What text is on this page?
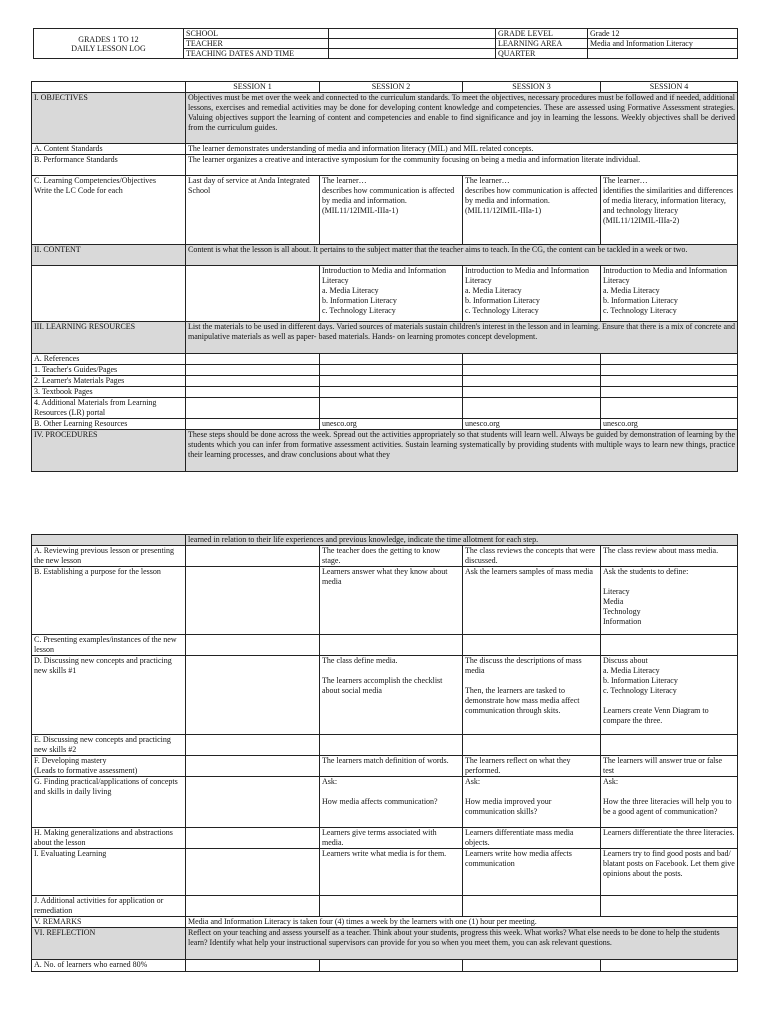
GRADES 1 TO 12
DAILY LESSON LOG	SCHOOL		GRADE LEVEL	Grade 12
	TEACHER		LEARNING AREA	Media and Information Literacy
	TEACHING DATES AND TIME		QUARTER	
	SESSION 1	SESSION 2	SESSION 3	SESSION 4
I. OBJECTIVES	Objectives must be met over the week and connected to the curriculum standards. To meet the objectives, necessary procedures must be followed and if needed, additional lessons, exercises and remedial activities may be done for developing content knowledge and competencies. These are assessed using Formative Assessment strategies. Valuing objectives support the learning of content and competencies and enable to find significance and joy in learning the lessons. Weekly objectives shall be derived from the curriculum guides.			
A. Content Standards	The learner demonstrates understanding of media and information literacy (MIL) and MIL related concepts.			
B. Performance Standards	The learner organizes a creative and interactive symposium for the community focusing on being a media and information literate individual.			
C. Learning Competencies/Objectives
Write the LC Code for each	Last day of service at Anda Integrated School	The learner…
describes how communication is affected by media and information.
(MIL11/12IMIL-IIIa-1)	The learner…
describes how communication is affected by media and information.
(MIL11/12IMIL-IIIa-1)	The learner…
identifies the similarities and differences of media literacy, information literacy, and technology literacy
(MIL11/12IMIL-IIIa-2)
II. CONTENT	Content is what the lesson is all about. It pertains to the subject matter that the teacher aims to teach. In the CG, the content can be tackled in a week or two.			
		Introduction to Media and Information Literacy
a. Media Literacy
b. Information Literacy
c. Technology Literacy	Introduction to Media and Information Literacy
a. Media Literacy
b. Information Literacy
c. Technology Literacy	Introduction to Media and Information Literacy
a. Media Literacy
b. Information Literacy
c. Technology Literacy
III. LEARNING RESOURCES	List the materials to be used in different days. Varied sources of materials sustain children's interest in the lesson and in learning. Ensure that there is a mix of concrete and manipulative materials as well as paper- based materials. Hands- on learning promotes concept development.			
A. References				
1. Teacher's Guides/Pages				
2. Learner's Materials Pages				
3. Textbook Pages				
4. Additional Materials from Learning Resources (LR) portal				
B. Other Learning Resources		unesco.org	unesco.org	unesco.org
IV. PROCEDURES	These steps should be done across the week. Spread out the activities appropriately so that students will learn well. Always be guided by demonstration of learning by the students which you can infer from formative assessment activities. Sustain learning systematically by providing students with multiple ways to learn new things, practice their learning processes, and draw conclusions about what they			
	learned in relation to their life experiences and previous knowledge, indicate the time allotment for each step.			
A. Reviewing previous lesson or presenting the new lesson		The teacher does the getting to know stage.	The class reviews the concepts that were discussed.	The class review about mass media.
B. Establishing a purpose for the lesson		Learners answer what they know about media	Ask the learners samples of mass media	Ask the students to define:

Literacy
Media
Technology
Information
C. Presenting examples/instances of the new lesson				
D. Discussing new concepts and practicing new skills #1		The class define media.

The learners accomplish the checklist about social media	The discuss the descriptions of mass media

Then, the learners are tasked to demonstrate how mass media affect communication through skits.	Discuss about
a. Media Literacy
b. Information Literacy
c. Technology Literacy

Learners create Venn Diagram to compare the three.
E. Discussing new concepts and practicing new skills #2				
F. Developing mastery
(Leads to formative assessment)		The learners match definition of words.	The learners reflect on what they performed.	The learners will answer true or false test
G. Finding practical/applications of concepts and skills in daily living		Ask:

How media affects communication?	Ask:

How media improved your communication skills?	Ask:

How the three literacies will help you to be a good agent of communication?
H. Making generalizations and abstractions about the lesson		Learners give terms associated with media.	Learners differentiate mass media objects.	Learners differentiate the three literacies.
I. Evaluating Learning		Learners write what media is for them.	Learners write how media affects communication	Learners try to find good posts and bad/ blatant posts on Facebook. Let them give opinions about the posts.
J. Additional activities for application or remediation				
V. REMARKS	Media and Information Literacy is taken four (4) times a week by the learners with one (1) hour per meeting.			
VI. REFLECTION	Reflect on your teaching and assess yourself as a teacher. Think about your students, progress this week. What works? What else needs to be done to help the students learn? Identify what help your instructional supervisors can provide for you so when you meet them, you can ask relevant questions.			
A. No. of learners who earned 80%				
